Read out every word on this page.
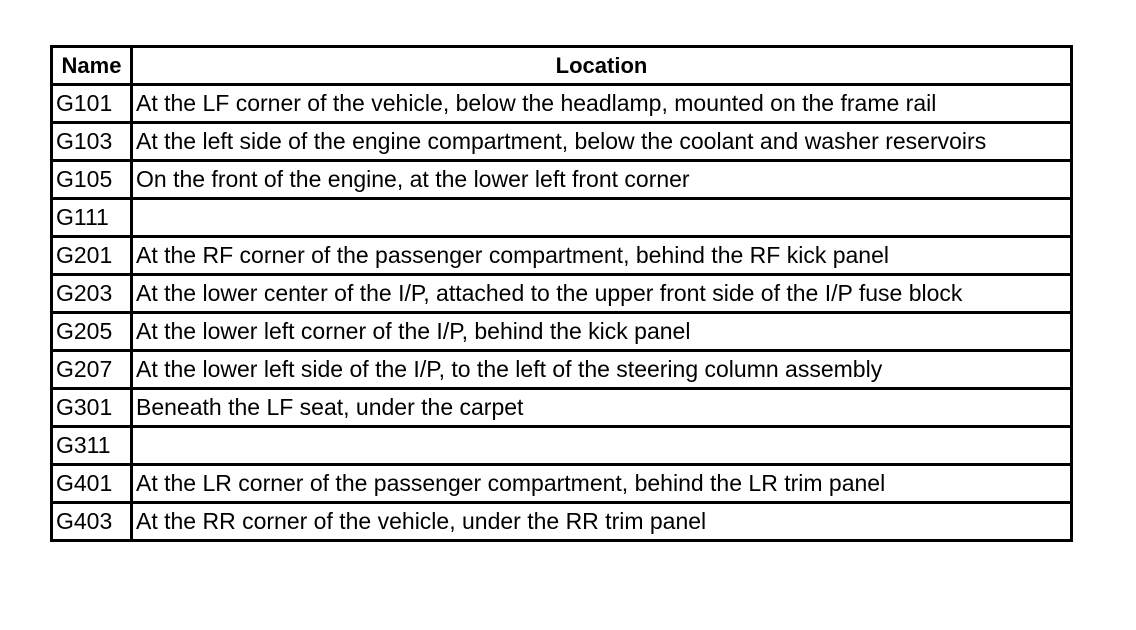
Name	Location
G101	At the LF corner of the vehicle, below the headlamp, mounted on the frame rail
G103	At the left side of the engine compartment, below the coolant and washer reservoirs
G105	On the front of the engine, at the lower left front corner
G111	
G201	At the RF corner of the passenger compartment, behind the RF kick panel
G203	At the lower center of the I/P, attached to the upper front side of the I/P fuse block
G205	At the lower left corner of the I/P, behind the kick panel
G207	At the lower left side of the I/P, to the left of the steering column assembly
G301	Beneath the LF seat, under the carpet
G311	
G401	At the LR corner of the passenger compartment, behind the LR trim panel
G403	At the RR corner of the vehicle, under the RR trim panel
